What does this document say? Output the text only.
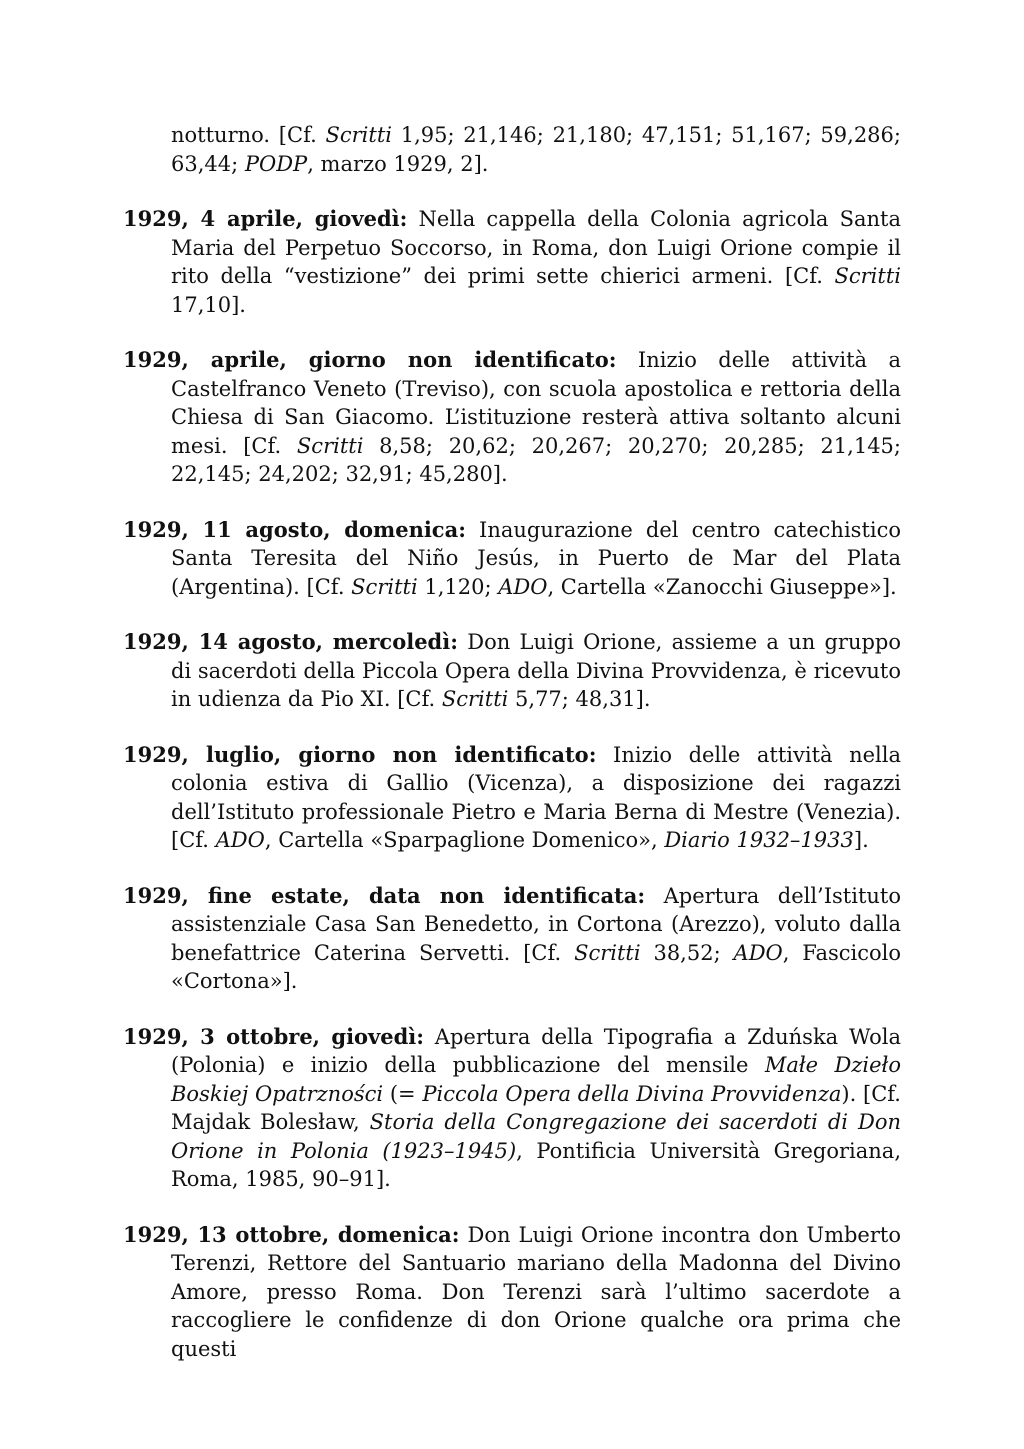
notturno. [Cf. Scritti 1,95; 21,146; 21,180; 47,151; 51,167; 59,286; 63,44; PODP, marzo 1929, 2].

1929, 4 aprile, giovedì: Nella cappella della Colonia agricola Santa Maria del Perpetuo Soccorso, in Roma, don Luigi Orione compie il rito della “vestizione” dei primi sette chierici armeni. [Cf. Scritti 17,10].

1929, aprile, giorno non identificato: Inizio delle attività a Castelfranco Veneto (Treviso), con scuola apostolica e rettoria della Chiesa di San Giacomo. L’istituzione resterà attiva soltanto alcuni mesi. [Cf. Scritti 8,58; 20,62; 20,267; 20,270; 20,285; 21,145; 22,145; 24,202; 32,91; 45,280].

1929, 11 agosto, domenica: Inaugurazione del centro catechistico Santa Teresita del Niño Jesús, in Puerto de Mar del Plata (Argentina). [Cf. Scritti 1,120; ADO, Cartella «Zanocchi Giuseppe»].

1929, 14 agosto, mercoledì: Don Luigi Orione, assieme a un gruppo di sacerdoti della Piccola Opera della Divina Provvidenza, è ricevuto in udienza da Pio XI. [Cf. Scritti 5,77; 48,31].

1929, luglio, giorno non identificato: Inizio delle attività nella colonia estiva di Gallio (Vicenza), a disposizione dei ragazzi dell’Istituto professionale Pietro e Maria Berna di Mestre (Venezia). [Cf. ADO, Cartella «Sparpaglione Domenico», Diario 1932–1933].

1929, fine estate, data non identificata: Apertura dell’Istituto assistenziale Casa San Benedetto, in Cortona (Arezzo), voluto dalla benefattrice Caterina Servetti. [Cf. Scritti 38,52; ADO, Fascicolo «Cortona»].

1929, 3 ottobre, giovedì: Apertura della Tipografia a Zduńska Wola (Polonia) e inizio della pubblicazione del mensile Małe Dzieło Boskiej Opatrzności (= Piccola Opera della Divina Provvidenza). [Cf. Majdak Bolesław, Storia della Congregazione dei sacerdoti di Don Orione in Polonia (1923–1945), Pontificia Università Gregoriana, Roma, 1985, 90–91].

1929, 13 ottobre, domenica: Don Luigi Orione incontra don Umberto Terenzi, Rettore del Santuario mariano della Madonna del Divino Amore, presso Roma. Don Terenzi sarà l’ultimo sacerdote a raccogliere le confidenze di don Orione qualche ora prima che questi
